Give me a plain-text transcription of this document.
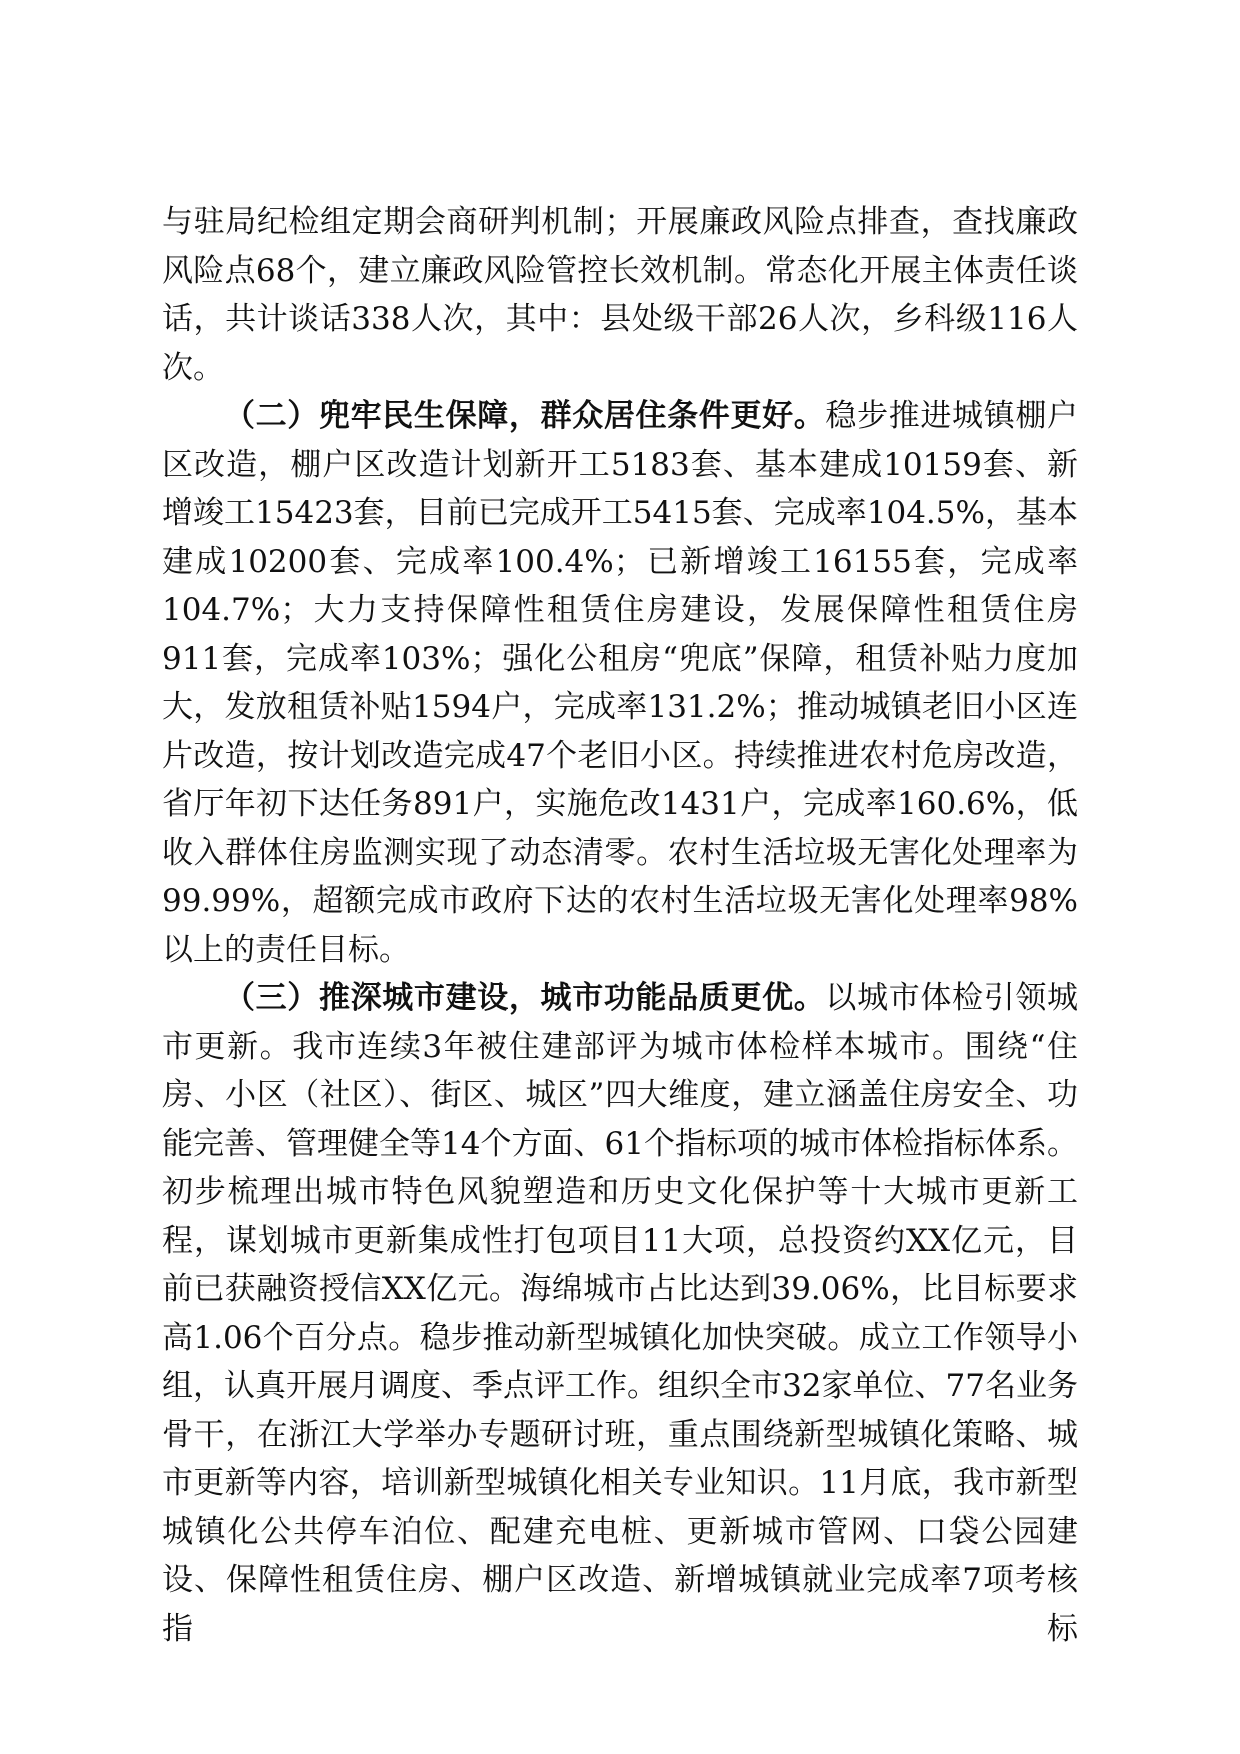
与驻局纪检组定期会商研判机制；开展廉政风险点排查，查找廉政风险点68个，建立廉政风险管控长效机制。常态化开展主体责任谈话，共计谈话338人次，其中：县处级干部26人次，乡科级116人次。

（二）兜牢民生保障，群众居住条件更好。稳步推进城镇棚户区改造，棚户区改造计划新开工5183套、基本建成10159套、新增竣工15423套，目前已完成开工5415套、完成率104.5%，基本建成10200套、完成率100.4%；已新增竣工16155套，完成率104.7%；大力支持保障性租赁住房建设，发展保障性租赁住房911套，完成率103%；强化公租房“兜底”保障，租赁补贴力度加大，发放租赁补贴1594户，完成率131.2%；推动城镇老旧小区连片改造，按计划改造完成47个老旧小区。持续推进农村危房改造，省厅年初下达任务891户，实施危改1431户，完成率160.6%，低收入群体住房监测实现了动态清零。农村生活垃圾无害化处理率为99.99%，超额完成市政府下达的农村生活垃圾无害化处理率98%以上的责任目标。

（三）推深城市建设，城市功能品质更优。以城市体检引领城市更新。我市连续3年被住建部评为城市体检样本城市。围绕“住房、小区（社区）、街区、城区”四大维度，建立涵盖住房安全、功能完善、管理健全等14个方面、61个指标项的城市体检指标体系。初步梳理出城市特色风貌塑造和历史文化保护等十大城市更新工程，谋划城市更新集成性打包项目11大项，总投资约XX亿元，目前已获融资授信XX亿元。海绵城市占比达到39.06%，比目标要求高1.06个百分点。稳步推动新型城镇化加快突破。成立工作领导小组，认真开展月调度、季点评工作。组织全市32家单位、77名业务骨干，在浙江大学举办专题研讨班，重点围绕新型城镇化策略、城市更新等内容，培训新型城镇化相关专业知识。11月底，我市新型城镇化公共停车泊位、配建充电桩、更新城市管网、口袋公园建设、保障性租赁住房、棚户区改造、新增城镇就业完成率7项考核指标
